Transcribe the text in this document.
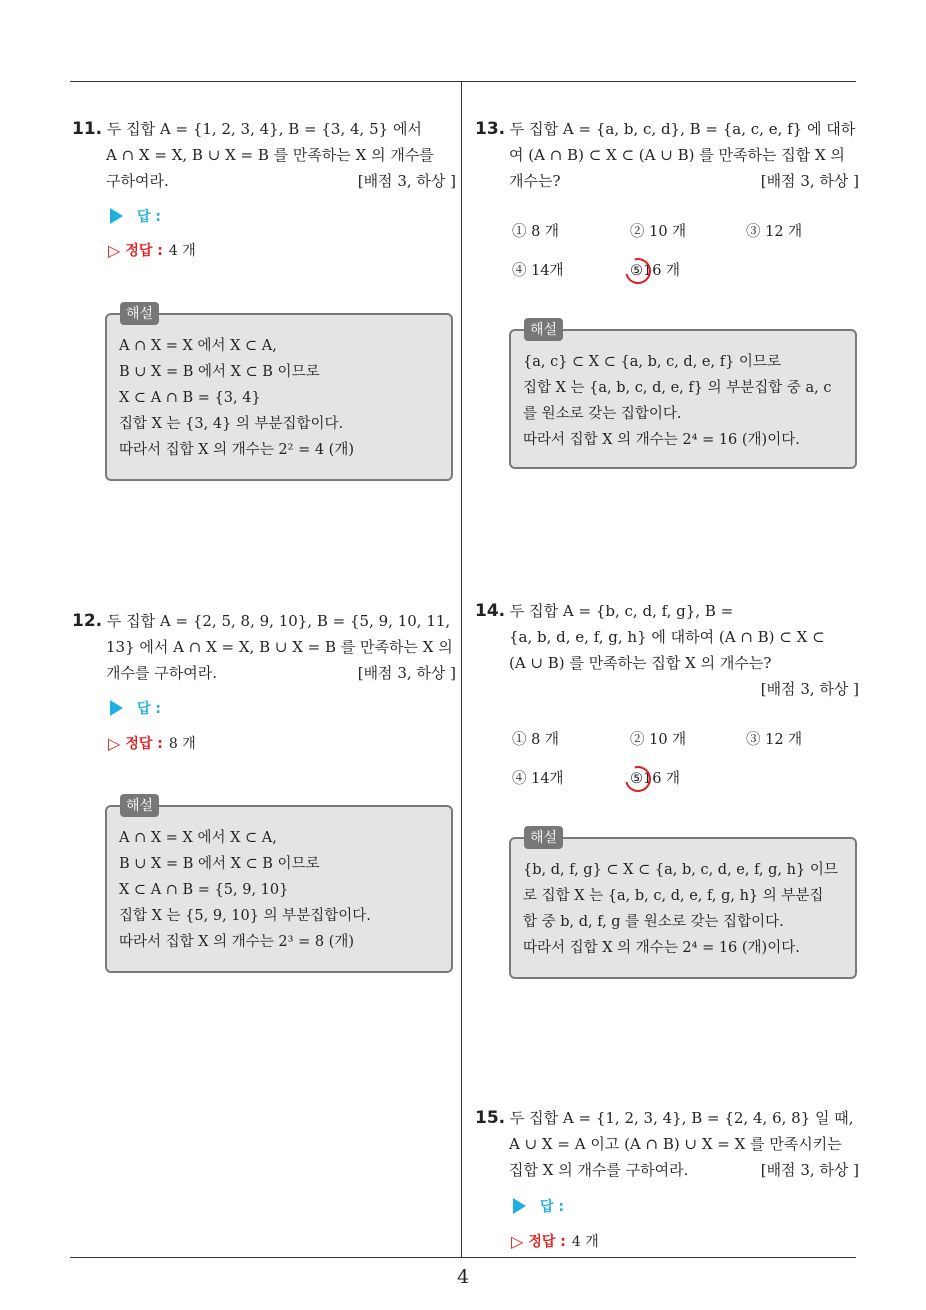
11. 두 집합 A = {1, 2, 3, 4}, B = {3, 4, 5} 에서
A ∩ X = X, B ∪ X = B 를 만족하는 X 의 개수를
구하여라.	[배점 3, 하상 ]
답 :
▷ 정답 : 4 개
A ∩ X = X 에서 X ⊂ A,
B ∪ X = B 에서 X ⊂ B 이므로
X ⊂ A ∩ B = {3, 4}
집합 X 는 {3, 4} 의 부분집합이다.
따라서 집합 X 의 개수는 2² = 4 (개)
해설
12. 두 집합 A = {2, 5, 8, 9, 10}, B = {5, 9, 10, 11,
13} 에서 A ∩ X = X, B ∪ X = B 를 만족하는 X 의
개수를 구하여라.	[배점 3, 하상 ]
답 :
▷ 정답 : 8 개
A ∩ X = X 에서 X ⊂ A,
B ∪ X = B 에서 X ⊂ B 이므로
X ⊂ A ∩ B = {5, 9, 10}
집합 X 는 {5, 9, 10} 의 부분집합이다.
따라서 집합 X 의 개수는 2³ = 8 (개)
해설
13. 두 집합 A = {a, b, c, d}, B = {a, c, e, f} 에 대하
여 (A ∩ B) ⊂ X ⊂ (A ∪ B) 를 만족하는 집합 X 의
개수는?	[배점 3, 하상 ]
① 8 개	② 10 개	③ 12 개
④ 14개	⑤16 개
{a, c} ⊂ X ⊂ {a, b, c, d, e, f} 이므로
집합 X 는 {a, b, c, d, e, f} 의 부분집합 중 a, c
를 원소로 갖는 집합이다.
따라서 집합 X 의 개수는 2⁴ = 16 (개)이다.
해설
14. 두 집합 A = {b, c, d, f, g}, B =
{a, b, d, e, f, g, h} 에 대하여 (A ∩ B) ⊂ X ⊂
(A ∪ B) 를 만족하는 집합 X 의 개수는?
[배점 3, 하상 ]
① 8 개	② 10 개	③ 12 개
④ 14개	⑤16 개
{b, d, f, g} ⊂ X ⊂ {a, b, c, d, e, f, g, h} 이므
로 집합 X 는 {a, b, c, d, e, f, g, h} 의 부분집
합 중 b, d, f, g 를 원소로 갖는 집합이다.
따라서 집합 X 의 개수는 2⁴ = 16 (개)이다.
해설
15. 두 집합 A = {1, 2, 3, 4}, B = {2, 4, 6, 8} 일 때,
A ∪ X = A 이고 (A ∩ B) ∪ X = X 를 만족시키는
집합 X 의 개수를 구하여라.	[배점 3, 하상 ]
답 :
▷ 정답 : 4 개
4
